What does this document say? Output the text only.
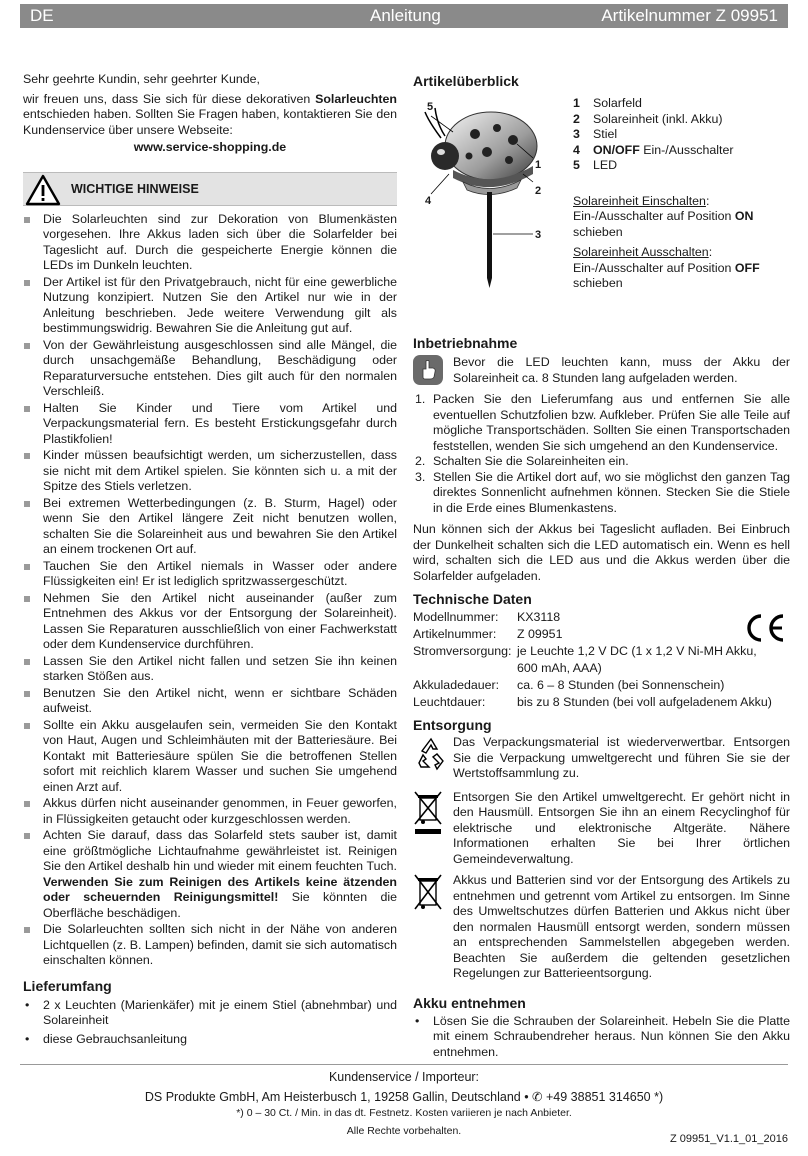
DE	Anleitung	Artikelnummer Z 09951

Sehr geehrte Kundin, sehr geehrter Kunde,

wir freuen uns, dass Sie sich für diese dekorativen Solarleuchten entschieden haben. Sollten Sie Fragen haben, kontaktieren Sie den Kundenservice über unsere Webseite:

www.service-shopping.de

WICHTIGE HINWEISE
Die Solarleuchten sind zur Dekoration von Blumenkästen vorgesehen. Ihre Akkus laden sich über die Solarfelder bei Tageslicht auf. Durch die gespeicherte Energie können die LEDs im Dunkeln leuchten.
Der Artikel ist für den Privatgebrauch, nicht für eine gewerbliche Nutzung konzipiert. Nutzen Sie den Artikel nur wie in der Anleitung beschrieben. Jede weitere Verwendung gilt als bestimmungswidrig. Bewahren Sie die Anleitung gut auf.
Von der Gewährleistung ausgeschlossen sind alle Mängel, die durch unsachgemäße Behandlung, Beschädigung oder Reparaturversuche entstehen. Dies gilt auch für den normalen Verschleiß.
Halten Sie Kinder und Tiere vom Artikel und Verpackungsmaterial fern. Es besteht Erstickungsgefahr durch Plastikfolien!
Kinder müssen beaufsichtigt werden, um sicherzustellen, dass sie nicht mit dem Artikel spielen. Sie könnten sich u. a mit der Spitze des Stiels verletzen.
Bei extremen Wetterbedingungen (z. B. Sturm, Hagel) oder wenn Sie den Artikel längere Zeit nicht benutzen wollen, schalten Sie die Solareinheit aus und bewahren Sie den Artikel an einem trockenen Ort auf.
Tauchen Sie den Artikel niemals in Wasser oder andere Flüssigkeiten ein! Er ist lediglich spritzwassergeschützt.
Nehmen Sie den Artikel nicht auseinander (außer zum Entnehmen des Akkus vor der Entsorgung der Solareinheit). Lassen Sie Reparaturen ausschließlich von einer Fachwerkstatt oder dem Kundenservice durchführen.
Lassen Sie den Artikel nicht fallen und setzen Sie ihn keinen starken Stößen aus.
Benutzen Sie den Artikel nicht, wenn er sichtbare Schäden aufweist.
Sollte ein Akku ausgelaufen sein, vermeiden Sie den Kontakt von Haut, Augen und Schleimhäuten mit der Batteriesäure. Bei Kontakt mit Batteriesäure spülen Sie die betroffenen Stellen sofort mit reichlich klarem Wasser und suchen Sie umgehend einen Arzt auf.
Akkus dürfen nicht auseinander genommen, in Feuer geworfen, in Flüssigkeiten getaucht oder kurzgeschlossen werden.
Achten Sie darauf, dass das Solarfeld stets sauber ist, damit eine größtmögliche Lichtaufnahme gewährleistet ist. Reinigen Sie den Artikel deshalb hin und wieder mit einem feuchten Tuch. Verwenden Sie zum Reinigen des Artikels keine ätzenden oder scheuernden Reinigungsmittel! Sie könnten die Oberfläche beschädigen.
Die Solarleuchten sollten sich nicht in der Nähe von anderen Lichtquellen (z. B. Lampen) befinden, damit sie sich automatisch einschalten können.
Lieferumfang
• 2 x Leuchten (Marienkäfer) mit je einem Stiel (abnehmbar) und Solareinheit
• diese Gebrauchsanleitung
Artikelüberblick
5
1
2
4
3
1 Solarfeld
2 Solareinheit (inkl. Akku)
3 Stiel
4 ON/OFF Ein-/Ausschalter
5 LED

Solareinheit Einschalten:

Ein-/Ausschalter auf Position ON schieben

Solareinheit Ausschalten:

Ein-/Ausschalter auf Position OFF schieben

Inbetriebnahme

Bevor die LED leuchten kann, muss der Akku der Solareinheit ca. 8 Stunden lang aufgeladen werden.

1. Packen Sie den Lieferumfang aus und entfernen Sie alle eventuellen Schutzfolien bzw. Aufkleber. Prüfen Sie alle Teile auf mögliche Transportschäden. Sollten Sie einen Transportschaden feststellen, wenden Sie sich umgehend an den Kundenservice.
2. Schalten Sie die Solareinheiten ein.
3. Stellen Sie die Artikel dort auf, wo sie möglichst den ganzen Tag direktes Sonnenlicht aufnehmen können. Stecken Sie die Stiele in die Erde eines Blumenkastens.

Nun können sich der Akkus bei Tageslicht aufladen. Bei Einbruch der Dunkelheit schalten sich die LED automatisch ein. Wenn es hell wird, schalten sich die LED aus und die Akkus werden über die Solarfelder aufgeladen.

Technische Daten
Modellnummer:	KX3118
Artikelnummer:	Z 09951
Stromversorgung:	je Leuchte 1,2 V DC (1 x 1,2 V Ni-MH Akku,
600 mAh, AAA)
Akkuladedauer:	ca. 6 – 8 Stunden (bei Sonnenschein)
Leuchtdauer:	bis zu 8 Stunden (bei voll aufgeladenem Akku)
Entsorgung

Das Verpackungsmaterial ist wiederverwertbar. Entsorgen Sie die Verpackung umweltgerecht und führen Sie sie der Wertstoffsammlung zu.

Entsorgen Sie den Artikel umweltgerecht. Er gehört nicht in den Hausmüll. Entsorgen Sie ihn an einem Recyclinghof für elektrische und elektronische Altgeräte. Nähere Informationen erhalten Sie bei Ihrer örtlichen Gemeindeverwaltung.

Akkus und Batterien sind vor der Entsorgung des Artikels zu entnehmen und getrennt vom Artikel zu entsorgen. Im Sinne des Umweltschutzes dürfen Batterien und Akkus nicht über den normalen Hausmüll entsorgt werden, sondern müssen an entsprechenden Sammelstellen abgegeben werden. Beachten Sie außerdem die geltenden gesetzlichen Regelungen zur Batterieentsorgung.

Akku entnehmen
• Lösen Sie die Schrauben der Solareinheit. Hebeln Sie die Platte mit einem Schraubendreher heraus. Nun können Sie den Akku entnehmen.
Kundenservice / Importeur:
DS Produkte GmbH, Am Heisterbusch 1, 19258 Gallin, Deutschland • ✆ +49 38851 314650 *)
*) 0 – 30 Ct. / Min. in das dt. Festnetz. Kosten variieren je nach Anbieter.
Alle Rechte vorbehalten.
Z 09951_V1.1_01_2016
